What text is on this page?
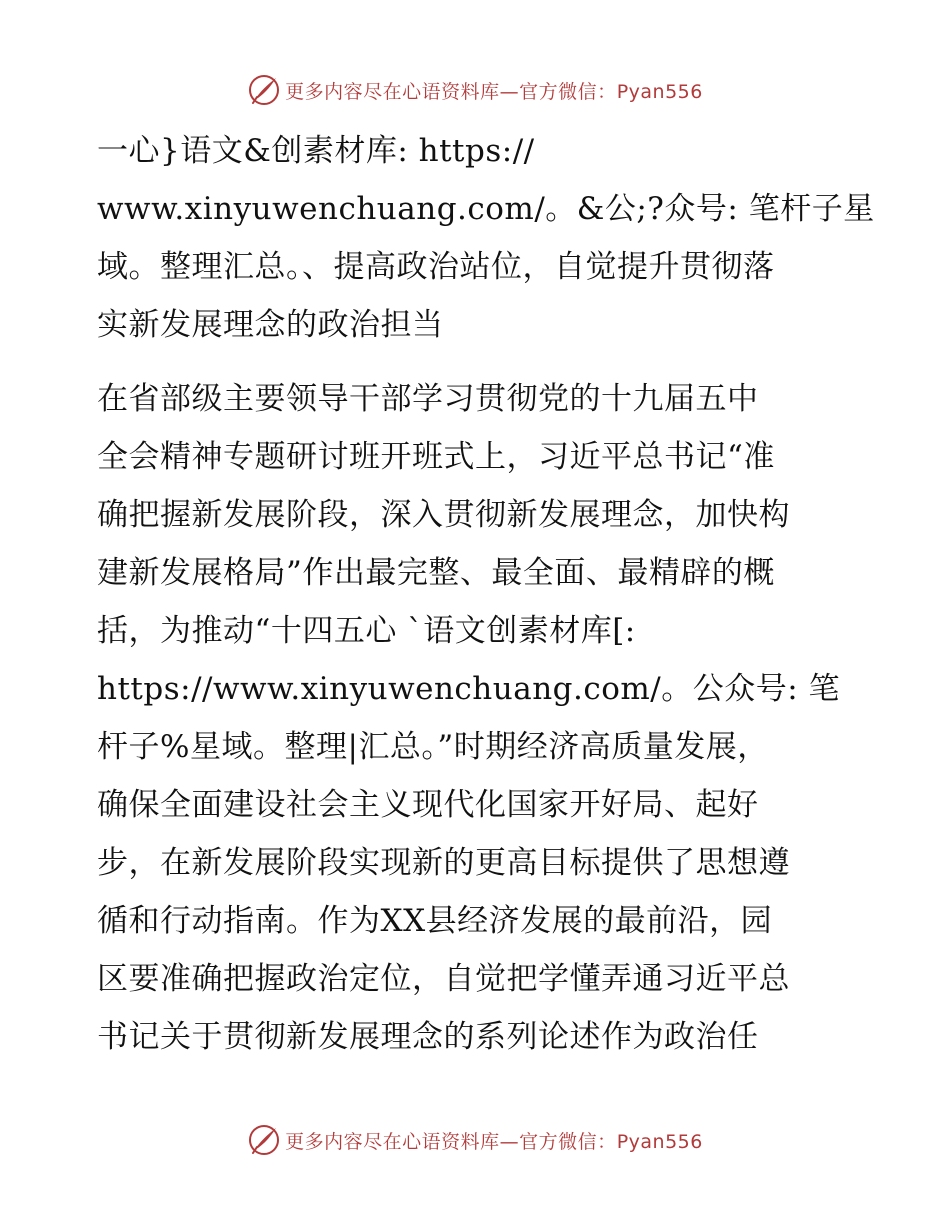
更多内容尽在心语资料库—官方微信：Pyan556

一心}语文&创素材库: https://
www.xinyuwenchuang.com/。&公;?众号: 笔杆子星
域。整理汇总。、提高政治站位，自觉提升贯彻落
实新发展理念的政治担当

在省部级主要领导干部学习贯彻党的十九届五中
全会精神专题研讨班开班式上，习近平总书记“准
确把握新发展阶段，深入贯彻新发展理念，加快构
建新发展格局”作出最完整、最全面、最精辟的概
括，为推动“十四五心 `语文创素材库[:
https://www.xinyuwenchuang.com/。公众号: 笔
杆子%星域。整理|汇总。”时期经济高质量发展，
确保全面建设社会主义现代化国家开好局、起好
步，在新发展阶段实现新的更高目标提供了思想遵
循和行动指南。作为XX县经济发展的最前沿，园
区要准确把握政治定位，自觉把学懂弄通习近平总
书记关于贯彻新发展理念的系列论述作为政治任

更多内容尽在心语资料库—官方微信：Pyan556
